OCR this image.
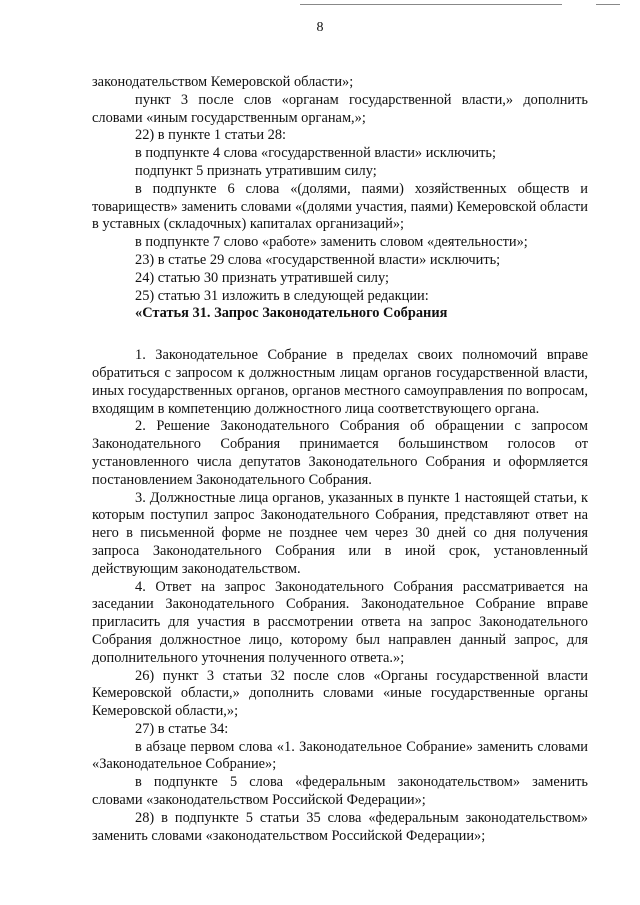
8

законодательством Кемеровской области»;

пункт 3 после слов «органам государственной власти,» дополнить словами «иным государственным органам,»;

22) в пункте 1 статьи 28:

в подпункте 4 слова «государственной власти» исключить;

подпункт 5 признать утратившим силу;

в подпункте 6 слова «(долями, паями) хозяйственных обществ и товариществ» заменить словами «(долями участия, паями) Кемеровской области в уставных (складочных) капиталах организаций»;

в подпункте 7 слово «работе» заменить словом «деятельности»;

23) в статье 29 слова «государственной власти» исключить;

24) статью 30 признать утратившей силу;

25) статью 31 изложить в следующей редакции:

«Статья 31. Запрос Законодательного Собрания

1. Законодательное Собрание в пределах своих полномочий вправе обратиться с запросом к должностным лицам органов государственной власти, иных государственных органов, органов местного самоуправления по вопросам, входящим в компетенцию должностного лица соответствующего органа.

2. Решение Законодательного Собрания об обращении с запросом Законодательного Собрания принимается большинством голосов от установленного числа депутатов Законодательного Собрания и оформляется постановлением Законодательного Собрания.

3. Должностные лица органов, указанных в пункте 1 настоящей статьи, к которым поступил запрос Законодательного Собрания, представляют ответ на него в письменной форме не позднее чем через 30 дней со дня получения запроса Законодательного Собрания или в иной срок, установленный действующим законодательством.

4. Ответ на запрос Законодательного Собрания рассматривается на заседании Законодательного Собрания. Законодательное Собрание вправе пригласить для участия в рассмотрении ответа на запрос Законодательного Собрания должностное лицо, которому был направлен данный запрос, для дополнительного уточнения полученного ответа.»;

26) пункт 3 статьи 32 после слов «Органы государственной власти Кемеровской области,» дополнить словами «иные государственные органы Кемеровской области,»;

27) в статье 34:

в абзаце первом слова «1. Законодательное Собрание» заменить словами «Законодательное Собрание»;

в подпункте 5 слова «федеральным законодательством» заменить словами «законодательством Российской Федерации»;

28) в подпункте 5 статьи 35 слова «федеральным законодательством» заменить словами «законодательством Российской Федерации»;
